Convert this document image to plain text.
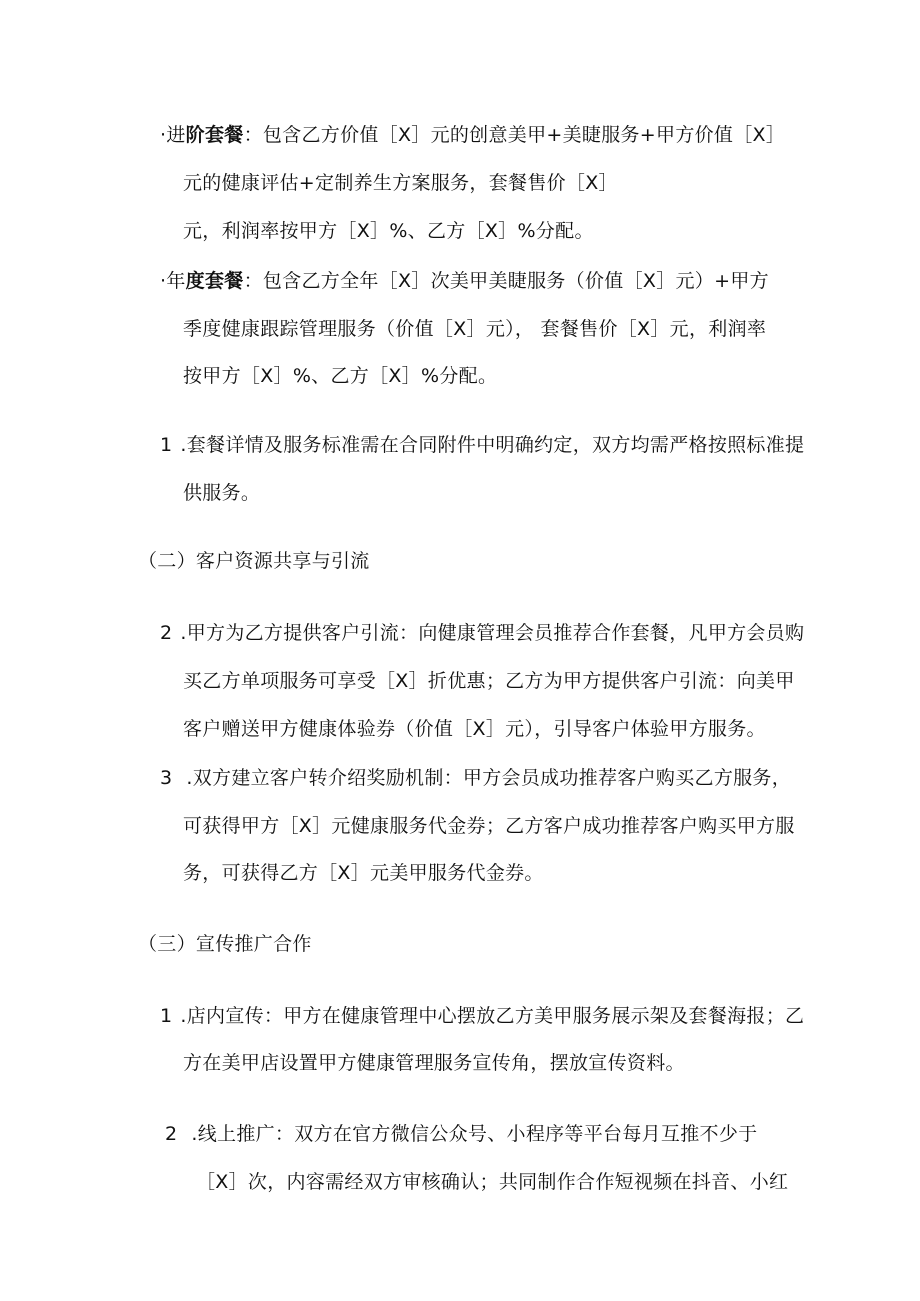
·进阶套餐：包含乙方价值［X］元的创意美甲+美睫服务+甲方价值［X］
元的健康评估+定制养生方案服务，套餐售价［X］
元，利润率按甲方［X］%、乙方［X］%分配。
·年度套餐：包含乙方全年［X］次美甲美睫服务（价值［X］元）+甲方
季度健康跟踪管理服务（价值［X］元）， 套餐售价［X］元，利润率
按甲方［X］%、乙方［X］%分配。
1 .套餐详情及服务标准需在合同附件中明确约定，双方均需严格按照标准提
供服务。
（二）客户资源共享与引流
2 .甲方为乙方提供客户引流：向健康管理会员推荐合作套餐，凡甲方会员购
买乙方单项服务可享受［X］折优惠；乙方为甲方提供客户引流：向美甲
客户赠送甲方健康体验券（价值［X］元），引导客户体验甲方服务。
3 .双方建立客户转介绍奖励机制：甲方会员成功推荐客户购买乙方服务，
可获得甲方［X］元健康服务代金券；乙方客户成功推荐客户购买甲方服
务，可获得乙方［X］元美甲服务代金券。
（三）宣传推广合作
1 .店内宣传：甲方在健康管理中心摆放乙方美甲服务展示架及套餐海报；乙
方在美甲店设置甲方健康管理服务宣传角，摆放宣传资料。
2 .线上推广：双方在官方微信公众号、小程序等平台每月互推不少于
［X］次，内容需经双方审核确认；共同制作合作短视频在抖音、小红
